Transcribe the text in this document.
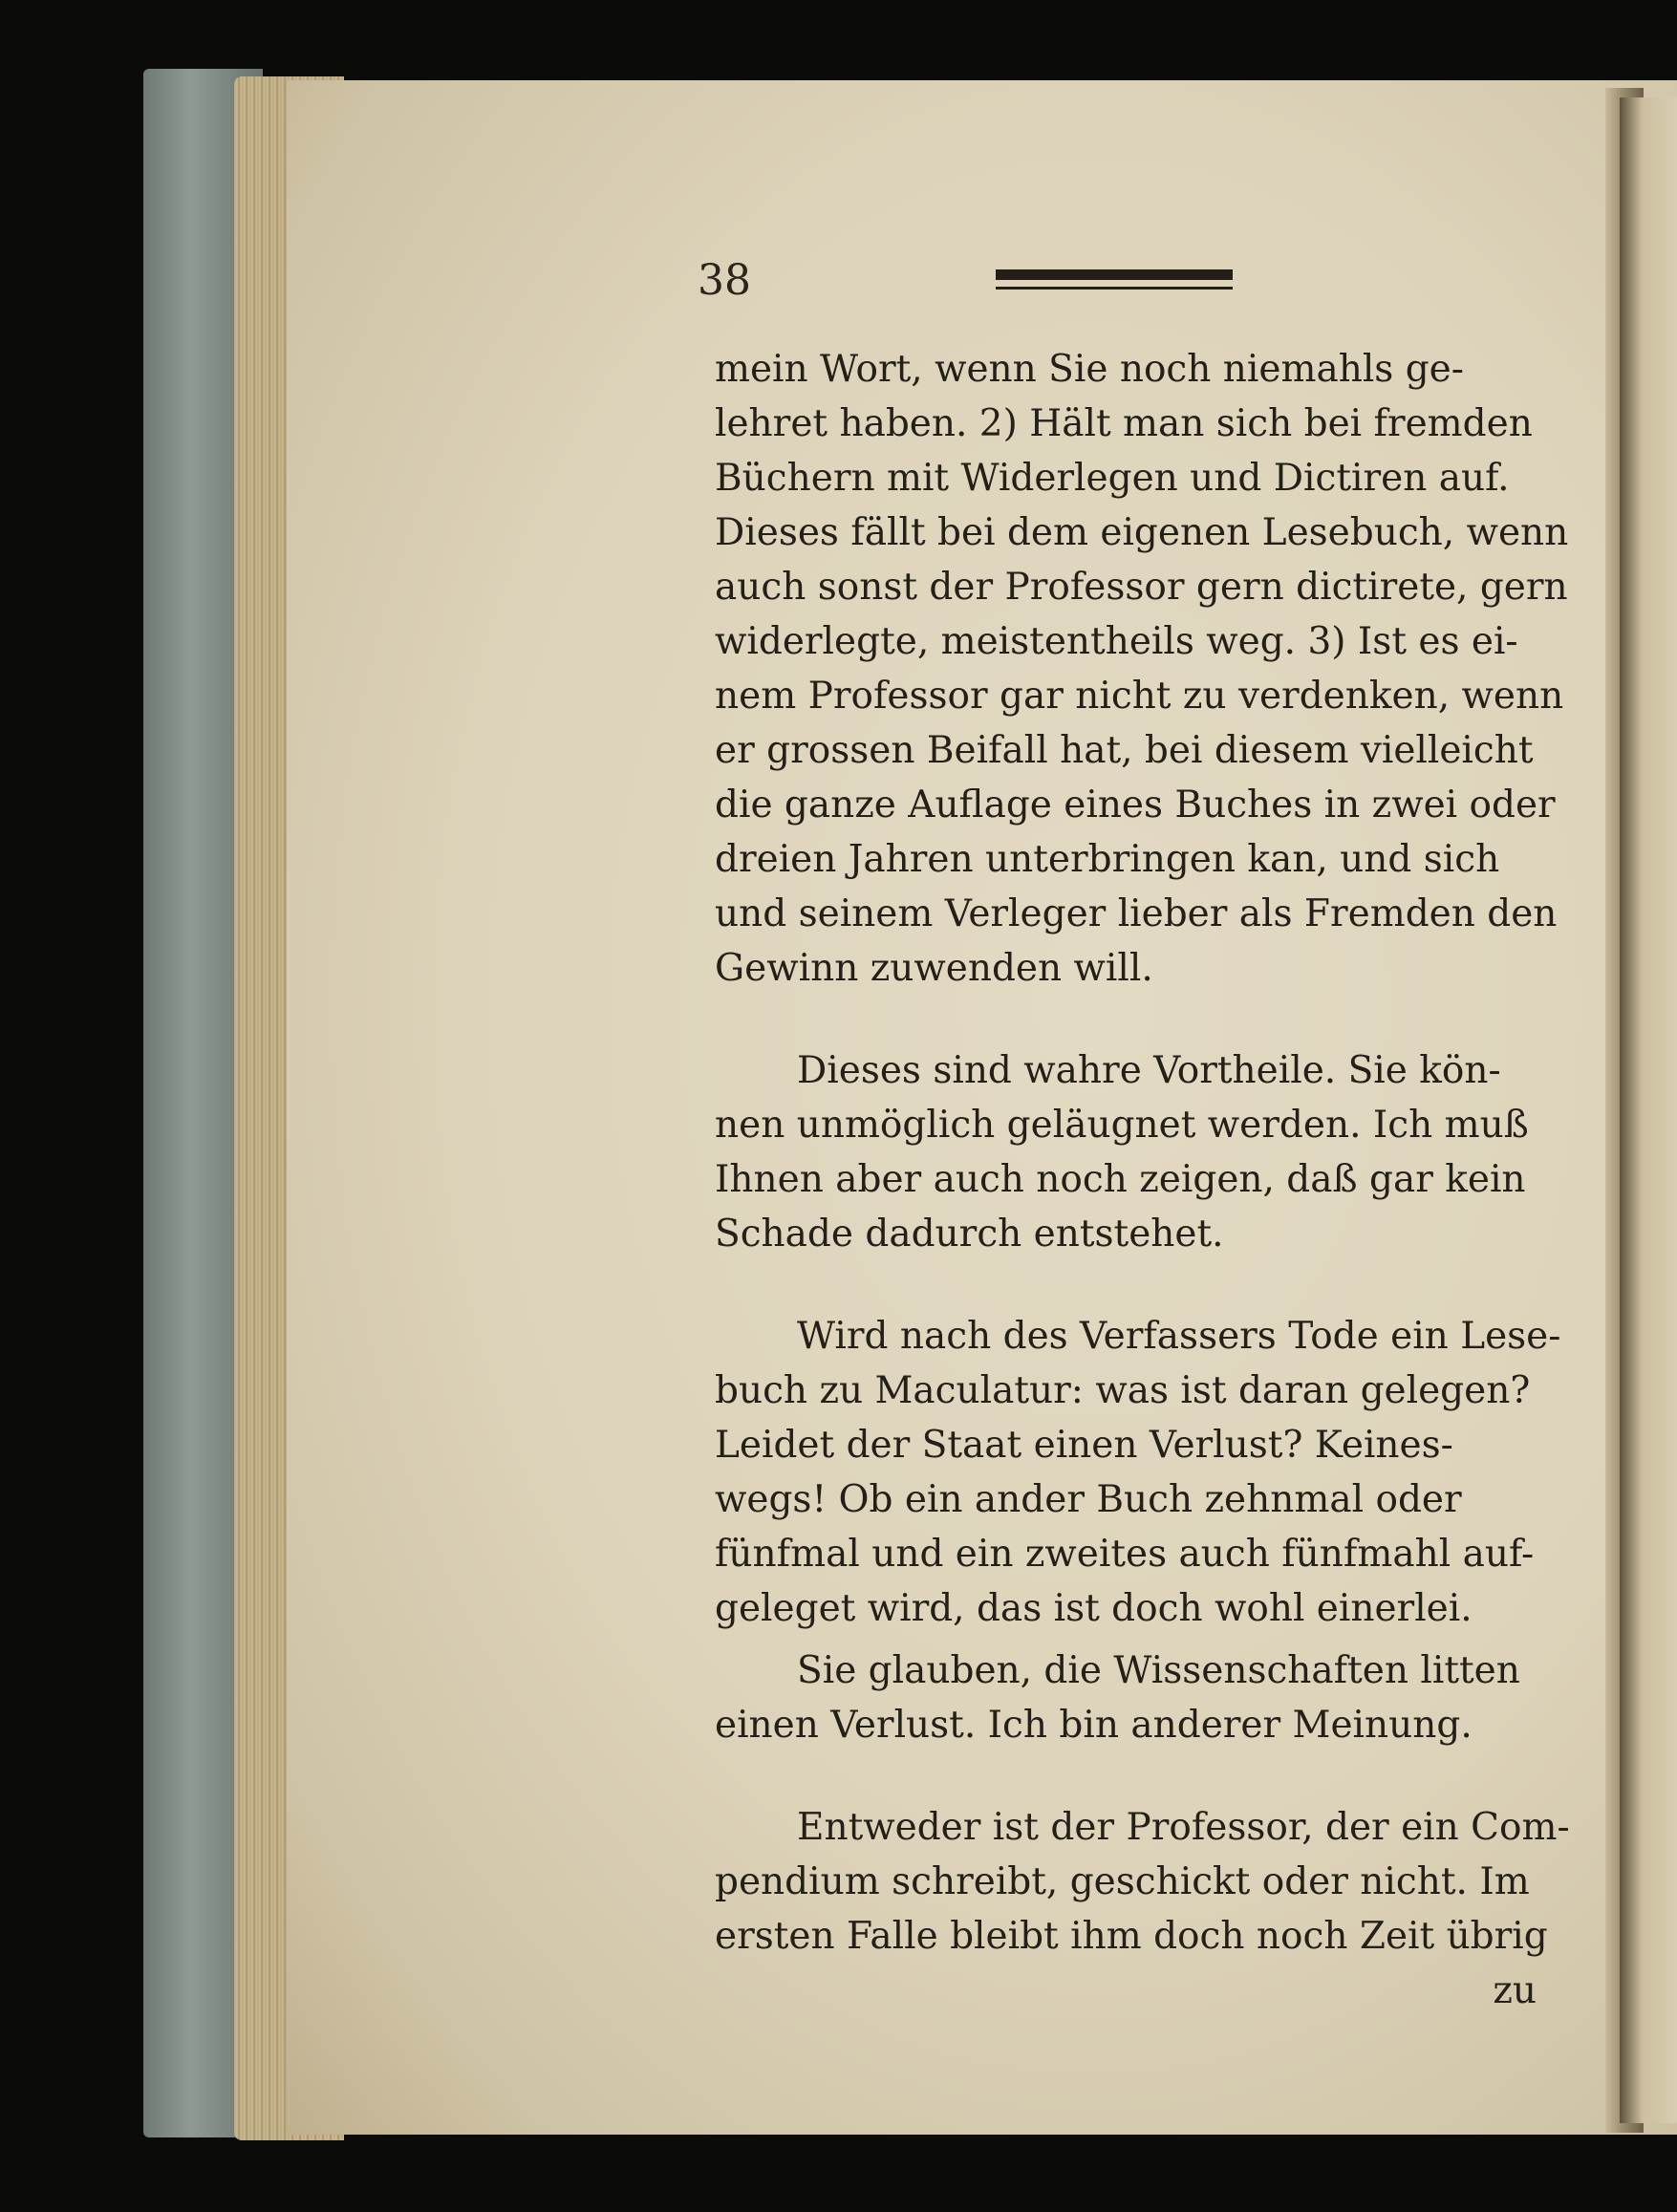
38
mein Wort, wenn Sie noch niemahls ge-
lehret haben. 2) Hält man sich bei fremden
Büchern mit Widerlegen und Dictiren auf.
Dieses fällt bei dem eigenen Lesebuch, wenn
auch sonst der Professor gern dictirete, gern
widerlegte, meistentheils weg. 3) Ist es ei-
nem Professor gar nicht zu verdenken, wenn
er grossen Beifall hat, bei diesem vielleicht
die ganze Auflage eines Buches in zwei oder
dreien Jahren unterbringen kan, und sich
und seinem Verleger lieber als Fremden den
Gewinn zuwenden will.
Dieses sind wahre Vortheile. Sie kön-
nen unmöglich geläugnet werden. Ich muß
Ihnen aber auch noch zeigen, daß gar kein
Schade dadurch entstehet.
Wird nach des Verfassers Tode ein Lese-
buch zu Maculatur: was ist daran gelegen?
Leidet der Staat einen Verlust? Keines-
wegs! Ob ein ander Buch zehnmal oder
fünfmal und ein zweites auch fünfmahl auf-
geleget wird, das ist doch wohl einerlei.
Sie glauben, die Wissenschaften litten
einen Verlust. Ich bin anderer Meinung.
Entweder ist der Professor, der ein Com-
pendium schreibt, geschickt oder nicht. Im
ersten Falle bleibt ihm doch noch Zeit übrig
zu
